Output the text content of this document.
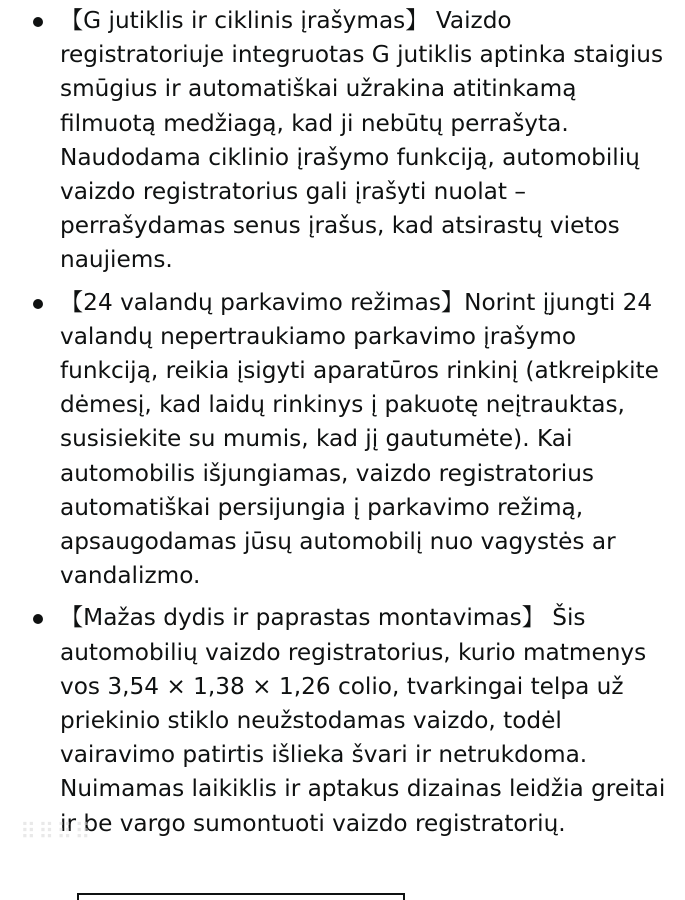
【G jutiklis ir ciklinis įrašymas】 Vaizdo registratoriuje integruotas G jutiklis aptinka staigius smūgius ir automatiškai užrakina atitinkamą filmuotą medžiagą, kad ji nebūtų perrašyta. Naudodama ciklinio įrašymo funkciją, automobilių vaizdo registratorius gali įrašyti nuolat – perrašydamas senus įrašus, kad atsirastų vietos naujiems.
【24 valandų parkavimo režimas】Norint įjungti 24 valandų nepertraukiamo parkavimo įrašymo funkciją, reikia įsigyti aparatūros rinkinį (atkreipkite dėmesį, kad laidų rinkinys į pakuotę neįtrauktas, susisiekite su mumis, kad jį gautumėte). Kai automobilis išjungiamas, vaizdo registratorius automatiškai persijungia į parkavimo režimą, apsaugodamas jūsų automobilį nuo vagystės ar vandalizmo.
【Mažas dydis ir paprastas montavimas】 Šis automobilių vaizdo registratorius, kurio matmenys vos 3,54 × 1,38 × 1,26 colio, tvarkingai telpa už priekinio stiklo neužstodamas vaizdo, todėl vairavimo patirtis išlieka švari ir netrukdoma. Nuimamas laikiklis ir aptakus dizainas leidžia greitai ir be vargo sumontuoti vaizdo registratorių.
⠿⠿⠿⠿
